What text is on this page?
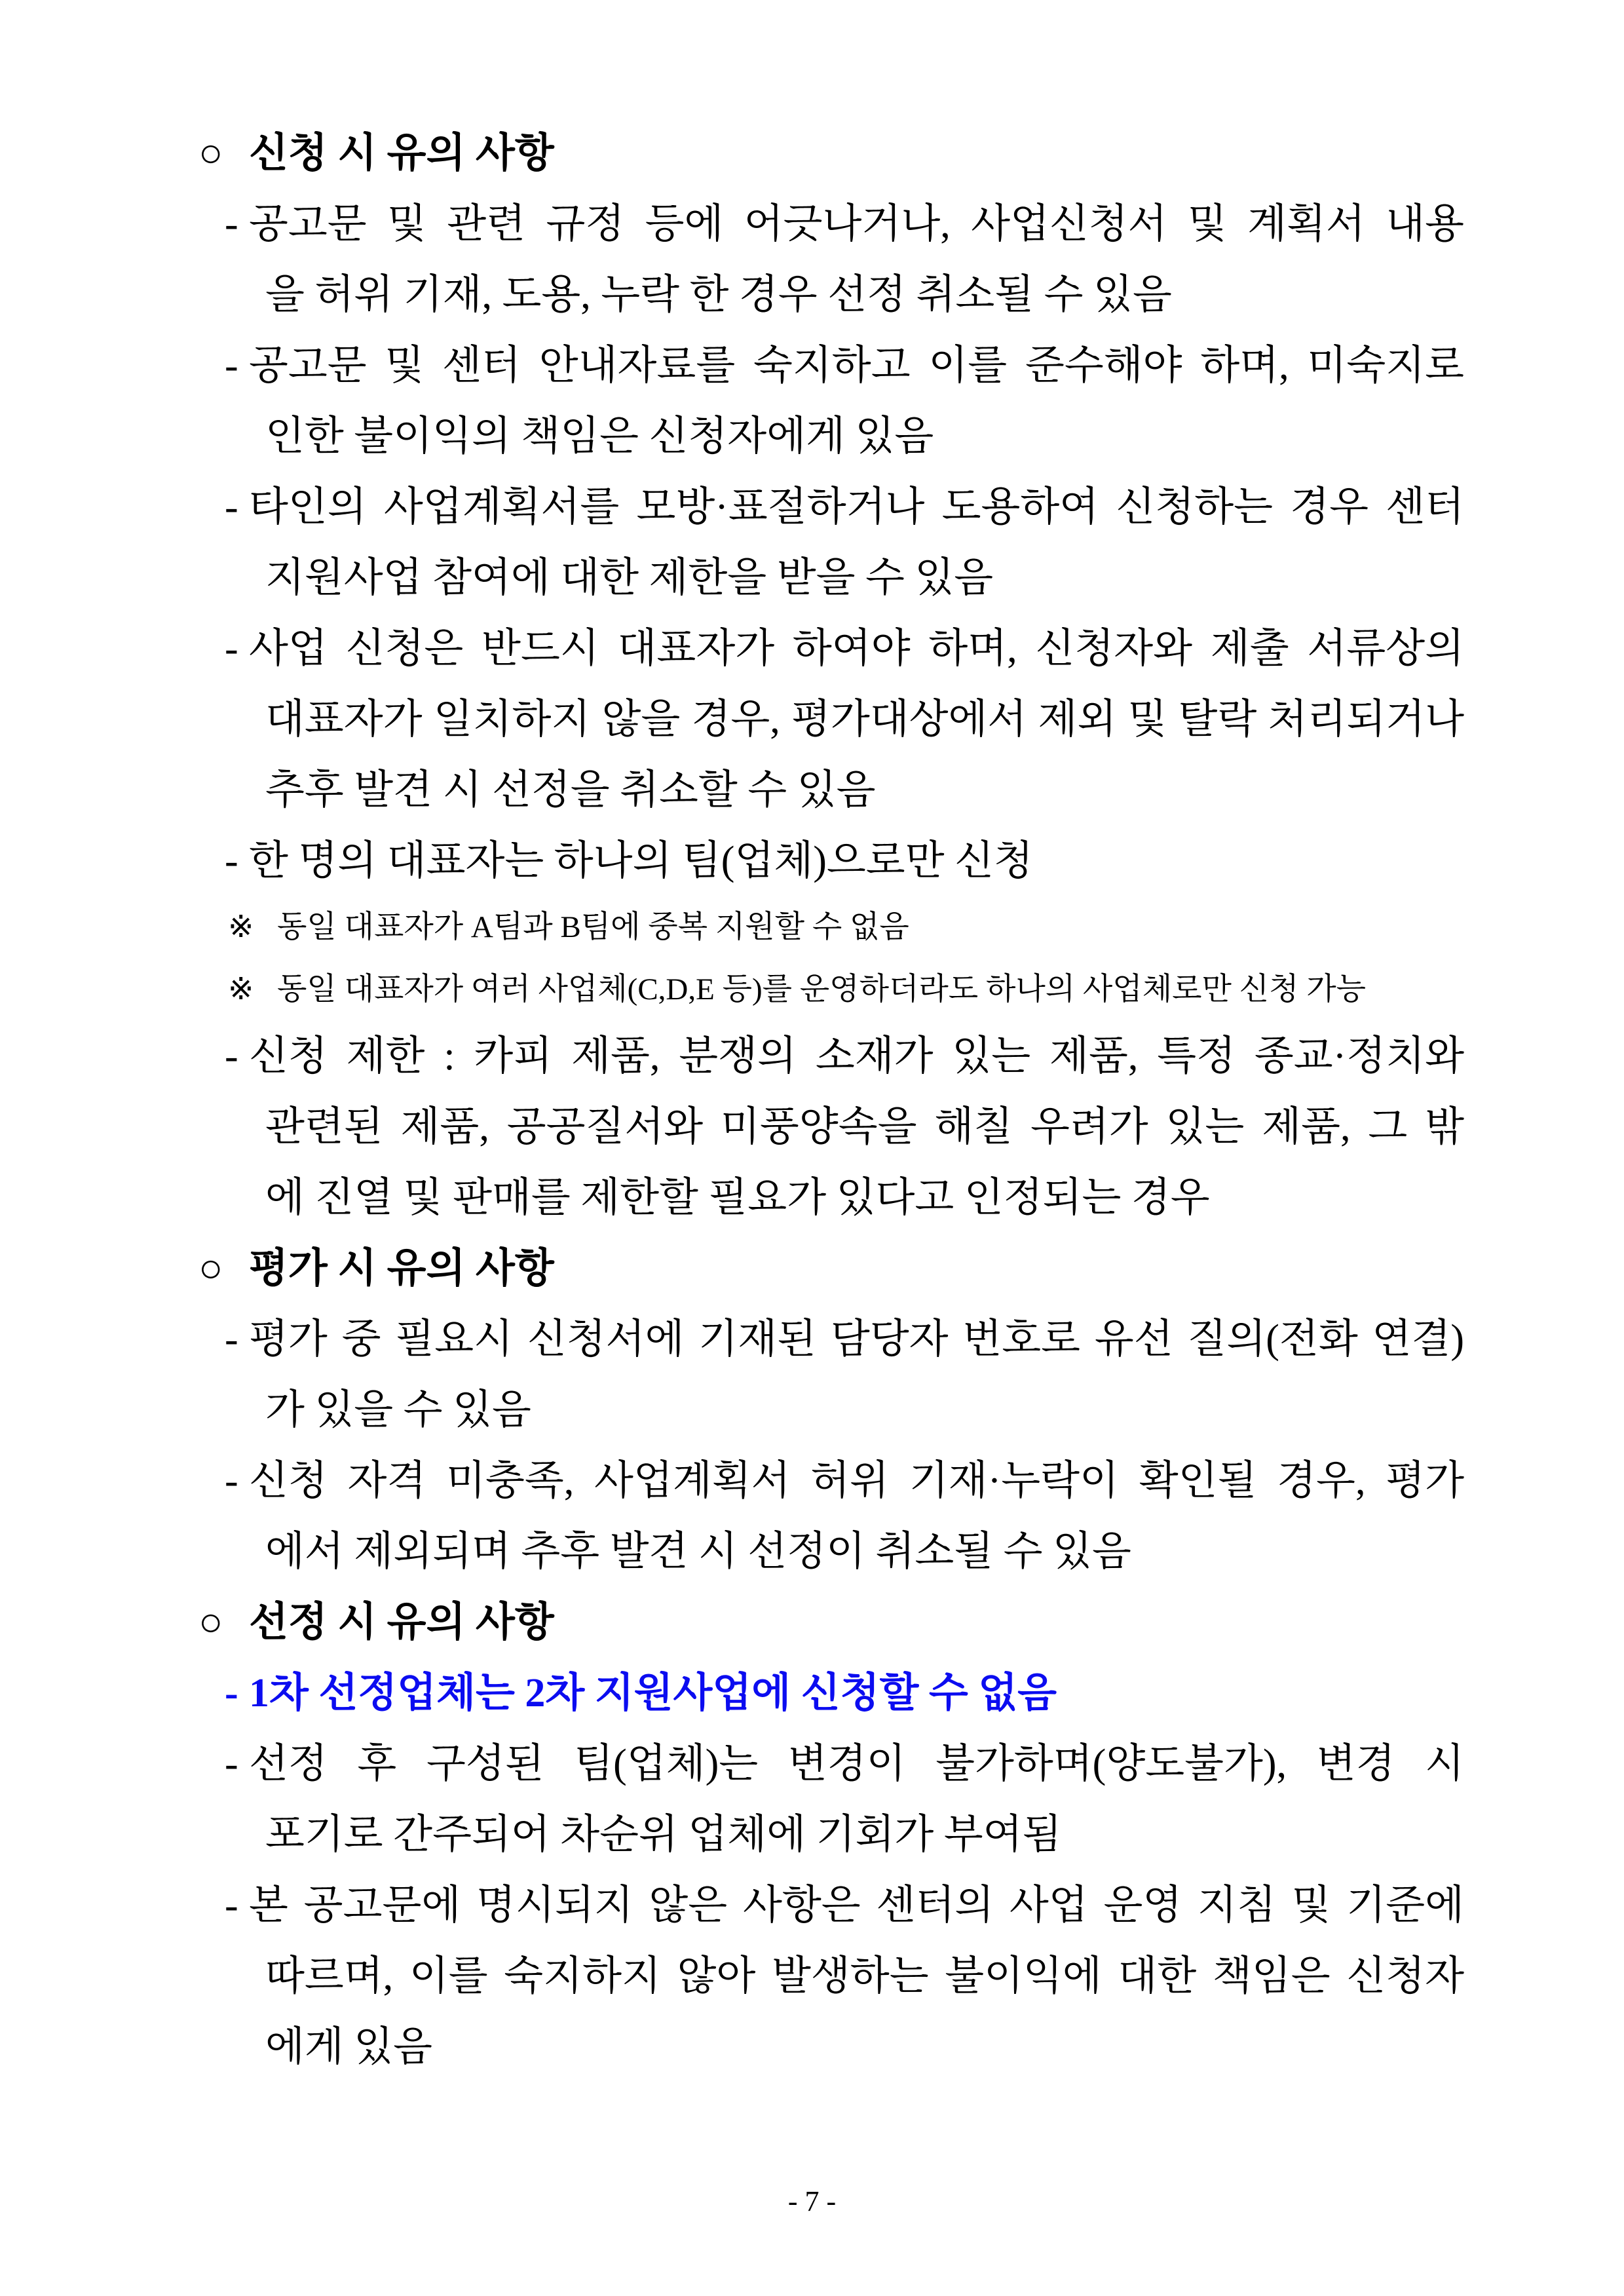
○ 신청 시 유의 사항
- 공고문 및 관련 규정 등에 어긋나거나, 사업신청서 및 계획서 내용
을 허위 기재, 도용, 누락 한 경우 선정 취소될 수 있음
- 공고문 및 센터 안내자료를 숙지하고 이를 준수해야 하며, 미숙지로
인한 불이익의 책임은 신청자에게 있음
- 타인의 사업계획서를 모방·표절하거나 도용하여 신청하는 경우 센터
지원사업 참여에 대한 제한을 받을 수 있음
- 사업 신청은 반드시 대표자가 하여야 하며, 신청자와 제출 서류상의
대표자가 일치하지 않을 경우, 평가대상에서 제외 및 탈락 처리되거나
추후 발견 시 선정을 취소할 수 있음
- 한 명의 대표자는 하나의 팀(업체)으로만 신청
※ 동일 대표자가 A팀과 B팀에 중복 지원할 수 없음
※ 동일 대표자가 여러 사업체(C,D,E 등)를 운영하더라도 하나의 사업체로만 신청 가능
- 신청 제한 : 카피 제품, 분쟁의 소재가 있는 제품, 특정 종교·정치와
관련된 제품, 공공질서와 미풍양속을 해칠 우려가 있는 제품, 그 밖
에 진열 및 판매를 제한할 필요가 있다고 인정되는 경우
○ 평가 시 유의 사항
- 평가 중 필요시 신청서에 기재된 담당자 번호로 유선 질의(전화 연결)
가 있을 수 있음
- 신청 자격 미충족, 사업계획서 허위 기재·누락이 확인될 경우, 평가
에서 제외되며 추후 발견 시 선정이 취소될 수 있음
○ 선정 시 유의 사항
- 1차 선정업체는 2차 지원사업에 신청할 수 없음
- 선정 후 구성된 팀(업체)는 변경이 불가하며(양도불가), 변경 시
포기로 간주되어 차순위 업체에 기회가 부여됨
- 본 공고문에 명시되지 않은 사항은 센터의 사업 운영 지침 및 기준에
따르며, 이를 숙지하지 않아 발생하는 불이익에 대한 책임은 신청자
에게 있음
- 7 -
